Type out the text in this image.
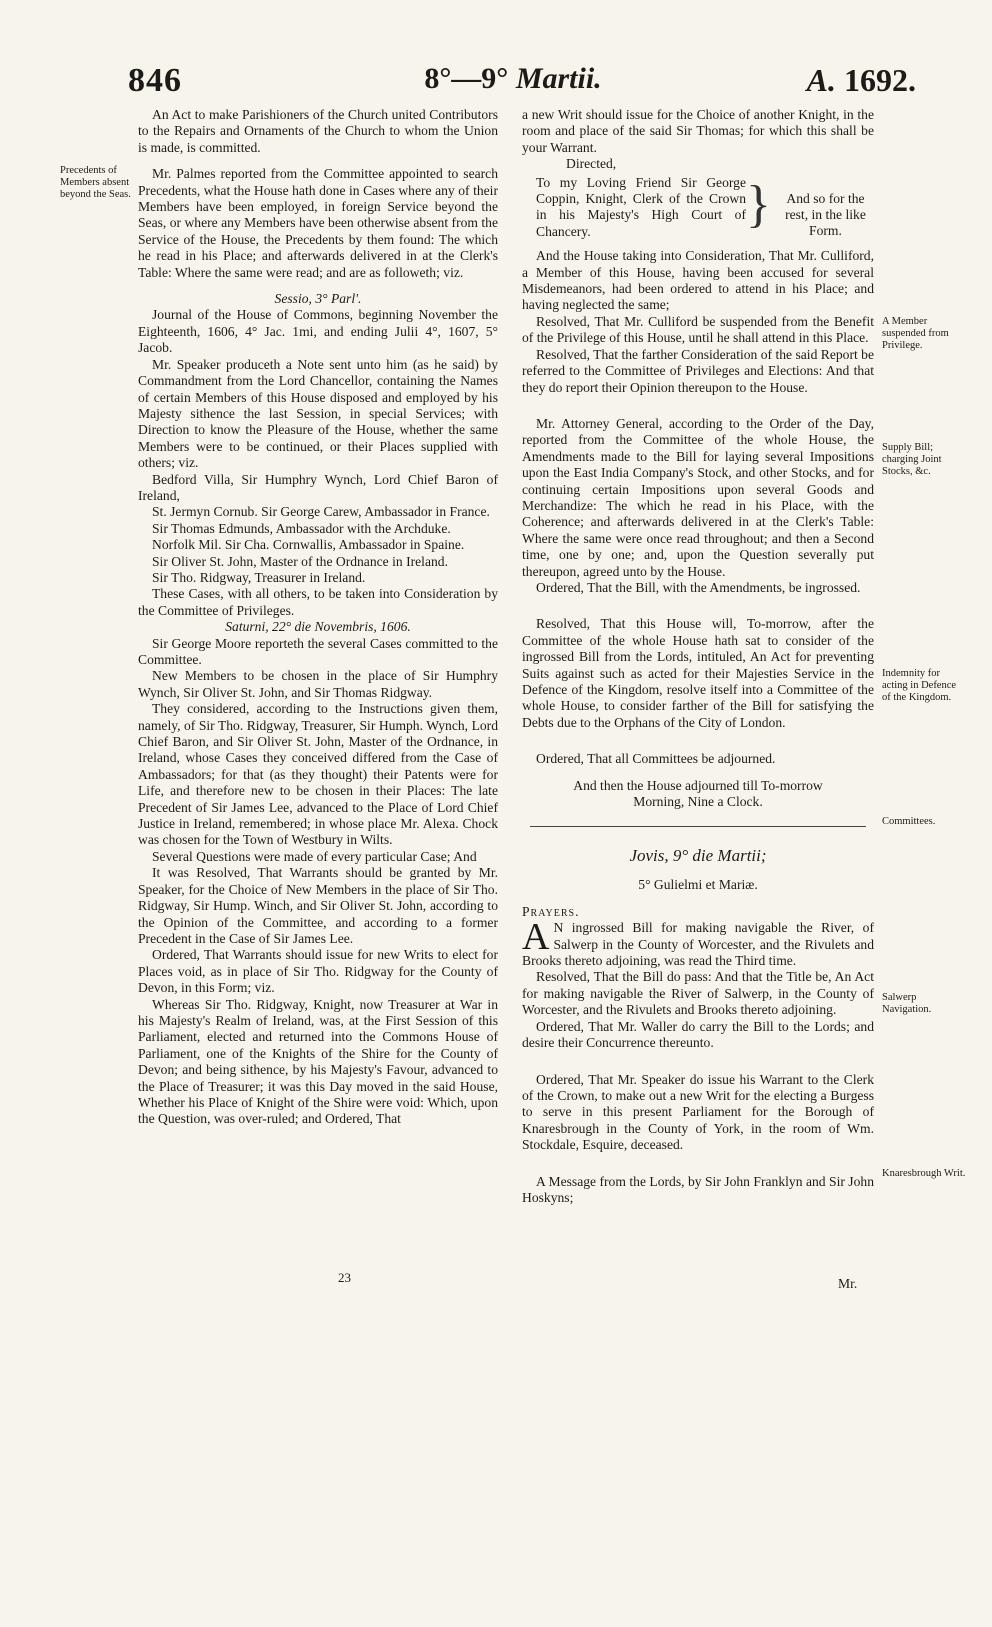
846	8°—9° Martii.	A. 1692.
Precedents of Members absent beyond the Seas.
A Member suspended from Privilege.
Supply Bill; charging Joint Stocks, &c.
Indemnity for acting in Defence of the Kingdom.
Committees.
Salwerp Navigation.
Knaresbrough Writ.

An Act to make Parishioners of the Church united Contributors to the Repairs and Ornaments of the Church to whom the Union is made, is committed.

Mr. Palmes reported from the Committee appointed to search Precedents, what the House hath done in Cases where any of their Members have been employed, in foreign Service beyond the Seas, or where any Members have been otherwise absent from the Service of the House, the Precedents by them found: The which he read in his Place; and afterwards delivered in at the Clerk's Table: Where the same were read; and are as followeth; viz.

Sessio, 3° Parl'.

Journal of the House of Commons, beginning November the Eighteenth, 1606, 4° Jac. 1mi, and ending Julii 4°, 1607, 5° Jacob.

Mr. Speaker produceth a Note sent unto him (as he said) by Commandment from the Lord Chancellor, containing the Names of certain Members of this House disposed and employed by his Majesty sithence the last Session, in special Services; with Direction to know the Pleasure of the House, whether the same Members were to be continued, or their Places supplied with others; viz.

Bedford Villa, Sir Humphry Wynch, Lord Chief Baron of Ireland,

St. Jermyn Cornub. Sir George Carew, Ambassador in France.

Sir Thomas Edmunds, Ambassador with the Archduke.

Norfolk Mil. Sir Cha. Cornwallis, Ambassador in Spaine.

Sir Oliver St. John, Master of the Ordnance in Ireland.

Sir Tho. Ridgway, Treasurer in Ireland.

These Cases, with all others, to be taken into Consideration by the Committee of Privileges.

Saturni, 22° die Novembris, 1606.

Sir George Moore reporteth the several Cases committed to the Committee.

New Members to be chosen in the place of Sir Humphry Wynch, Sir Oliver St. John, and Sir Thomas Ridgway.

They considered, according to the Instructions given them, namely, of Sir Tho. Ridgway, Treasurer, Sir Humph. Wynch, Lord Chief Baron, and Sir Oliver St. John, Master of the Ordnance, in Ireland, whose Cases they conceived differed from the Case of Ambassadors; for that (as they thought) their Patents were for Life, and therefore new to be chosen in their Places: The late Precedent of Sir James Lee, advanced to the Place of Lord Chief Justice in Ireland, remembered; in whose place Mr. Alexa. Chock was chosen for the Town of Westbury in Wilts.

Several Questions were made of every particular Case; And

It was Resolved, That Warrants should be granted by Mr. Speaker, for the Choice of New Members in the place of Sir Tho. Ridgway, Sir Hump. Winch, and Sir Oliver St. John, according to the Opinion of the Committee, and according to a former Precedent in the Case of Sir James Lee.

Ordered, That Warrants should issue for new Writs to elect for Places void, as in place of Sir Tho. Ridgway for the County of Devon, in this Form; viz.

Whereas Sir Tho. Ridgway, Knight, now Treasurer at War in his Majesty's Realm of Ireland, was, at the First Session of this Parliament, elected and returned into the Commons House of Parliament, one of the Knights of the Shire for the County of Devon; and being sithence, by his Majesty's Favour, advanced to the Place of Treasurer; it was this Day moved in the said House, Whether his Place of Knight of the Shire were void: Which, upon the Question, was over-ruled; and Ordered, That

a new Writ should issue for the Choice of another Knight, in the room and place of the said Sir Thomas; for which this shall be your Warrant.

Directed,

To my Loving Friend Sir George Coppin, Knight, Clerk of the Crown in his Majesty's High Court of Chancery.	}	And so for the rest, in the like Form.

And the House taking into Consideration, That Mr. Culliford, a Member of this House, having been accused for several Misdemeanors, had been ordered to attend in his Place; and having neglected the same;

Resolved, That Mr. Culliford be suspended from the Benefit of the Privilege of this House, until he shall attend in this Place.

Resolved, That the farther Consideration of the said Report be referred to the Committee of Privileges and Elections: And that they do report their Opinion thereupon to the House.

Mr. Attorney General, according to the Order of the Day, reported from the Committee of the whole House, the Amendments made to the Bill for laying several Impositions upon the East India Company's Stock, and other Stocks, and for continuing certain Impositions upon several Goods and Merchandize: The which he read in his Place, with the Coherence; and afterwards delivered in at the Clerk's Table: Where the same were once read throughout; and then a Second time, one by one; and, upon the Question severally put thereupon, agreed unto by the House.

Ordered, That the Bill, with the Amendments, be ingrossed.

Resolved, That this House will, To-morrow, after the Committee of the whole House hath sat to consider of the ingrossed Bill from the Lords, intituled, An Act for preventing Suits against such as acted for their Majesties Service in the Defence of the Kingdom, resolve itself into a Committee of the whole House, to consider farther of the Bill for satisfying the Debts due to the Orphans of the City of London.

Ordered, That all Committees be adjourned.

And then the House adjourned till To-morrow Morning, Nine a Clock.

Jovis, 9° die Martii;

5° Gulielmi et Mariæ.

Prayers.

A N ingrossed Bill for making navigable the River, of Salwerp in the County of Worcester, and the Rivulets and Brooks thereto adjoining, was read the Third time.

Resolved, That the Bill do pass: And that the Title be, An Act for making navigable the River of Salwerp, in the County of Worcester, and the Rivulets and Brooks thereto adjoining.

Ordered, That Mr. Waller do carry the Bill to the Lords; and desire their Concurrence thereunto.

Ordered, That Mr. Speaker do issue his Warrant to the Clerk of the Crown, to make out a new Writ for the electing a Burgess to serve in this present Parliament for the Borough of Knaresbrough in the County of York, in the room of Wm. Stockdale, Esquire, deceased.

A Message from the Lords, by Sir John Franklyn and Sir John Hoskyns;

23	Mr.
